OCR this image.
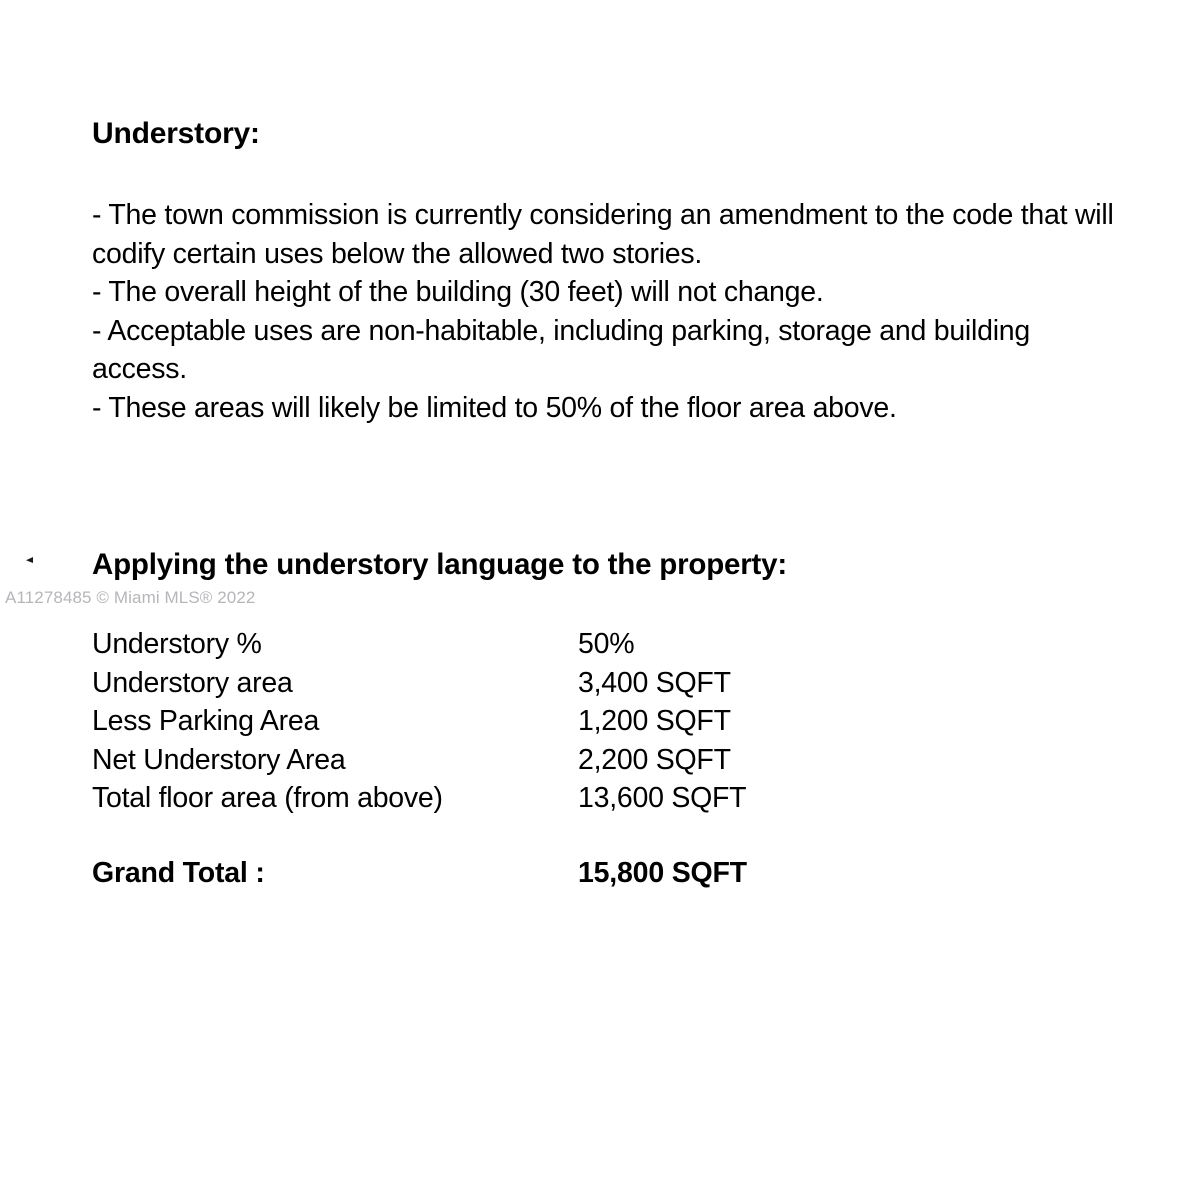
Understory:
- The town commission is currently considering an amendment to the code that will codify certain uses below the allowed two stories.
- The overall height of the building (30 feet) will not change.
- Acceptable uses are non-habitable, including parking, storage and building access.
- These areas will likely be limited to 50% of the floor area above.
Applying the understory language to the property:
A11278485 © Miami MLS® 2022
Understory %	50%
Understory area	3,400 SQFT
Less Parking Area	1,200 SQFT
Net Understory Area	2,200 SQFT
Total floor area (from above)	13,600 SQFT
Grand Total :	15,800 SQFT
